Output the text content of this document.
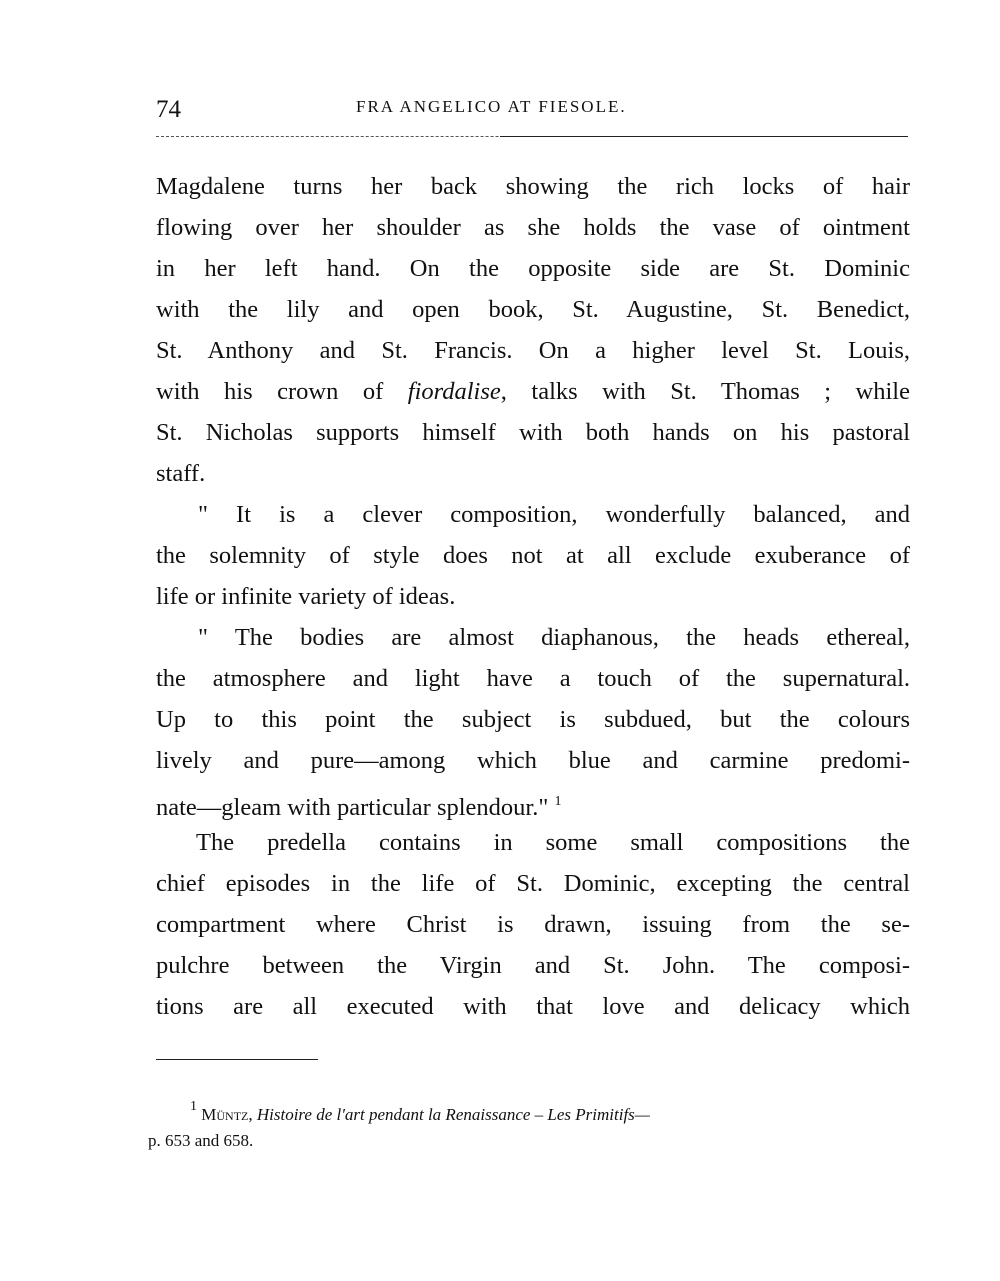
74	FRA ANGELICO AT FIESOLE.
Magdalene turns her back showing the rich locks of hair
flowing over her shoulder as she holds the vase of ointment
in her left hand. On the opposite side are St. Dominic
with the lily and open book, St. Augustine, St. Benedict,
St. Anthony and St. Francis. On a higher level St. Louis,
with his crown of fiordalise, talks with St. Thomas ; while
St. Nicholas supports himself with both hands on his pastoral
staff.
" It is a clever composition, wonderfully balanced, and
the solemnity of style does not at all exclude exuberance of
life or infinite variety of ideas.
" The bodies are almost diaphanous, the heads ethereal,
the atmosphere and light have a touch of the supernatural.
Up to this point the subject is subdued, but the colours
lively and pure—among which blue and carmine predomi-
nate—gleam with particular splendour." $^1$
The predella contains in some small compositions the
chief episodes in the life of St. Dominic, excepting the central
compartment where Christ is drawn, issuing from the se-
pulchre between the Virgin and St. John. The composi-
tions are all executed with that love and delicacy which
$^1$ Müntz, Histoire de l'art pendant la Renaissance – Les Primitifs—
p. 653 and 658.
